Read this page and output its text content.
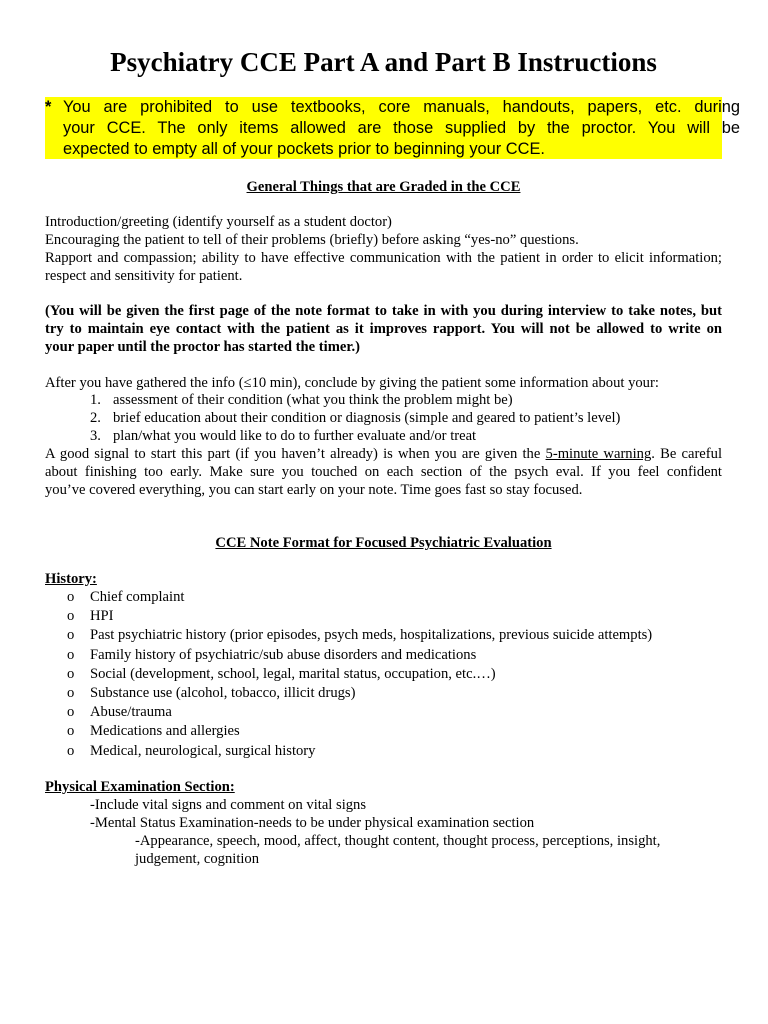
Psychiatry CCE Part A and Part B Instructions
* You are prohibited to use textbooks, core manuals, handouts, papers, etc. during
your CCE. The only items allowed are those supplied by the proctor. You will be
expected to empty all of your pockets prior to beginning your CCE.
General Things that are Graded in the CCE
Introduction/greeting (identify yourself as a student doctor)
Encouraging the patient to tell of their problems (briefly) before asking “yes-no” questions.
Rapport and compassion; ability to have effective communication with the patient in order to elicit information;
respect and sensitivity for patient.
(You will be given the first page of the note format to take in with you during interview to take notes, but
try to maintain eye contact with the patient as it improves rapport. You will not be allowed to write on
your paper until the proctor has started the timer.)
After you have gathered the info (≤10 min), conclude by giving the patient some information about your:
1. assessment of their condition (what you think the problem might be)
2. brief education about their condition or diagnosis (simple and geared to patient’s level)
3. plan/what you would like to do to further evaluate and/or treat
A good signal to start this part (if you haven’t already) is when you are given the 5-minute warning. Be careful
about finishing too early. Make sure you touched on each section of the psych eval. If you feel confident
you’ve covered everything, you can start early on your note. Time goes fast so stay focused.
CCE Note Format for Focused Psychiatric Evaluation
History:
o Chief complaint
o HPI
o Past psychiatric history (prior episodes, psych meds, hospitalizations, previous suicide attempts)
o Family history of psychiatric/sub abuse disorders and medications
o Social (development, school, legal, marital status, occupation, etc.…)
o Substance use (alcohol, tobacco, illicit drugs)
o Abuse/trauma
o Medications and allergies
o Medical, neurological, surgical history
Physical Examination Section:
-Include vital signs and comment on vital signs
-Mental Status Examination-needs to be under physical examination section
-Appearance, speech, mood, affect, thought content, thought process, perceptions, insight,
judgement, cognition
